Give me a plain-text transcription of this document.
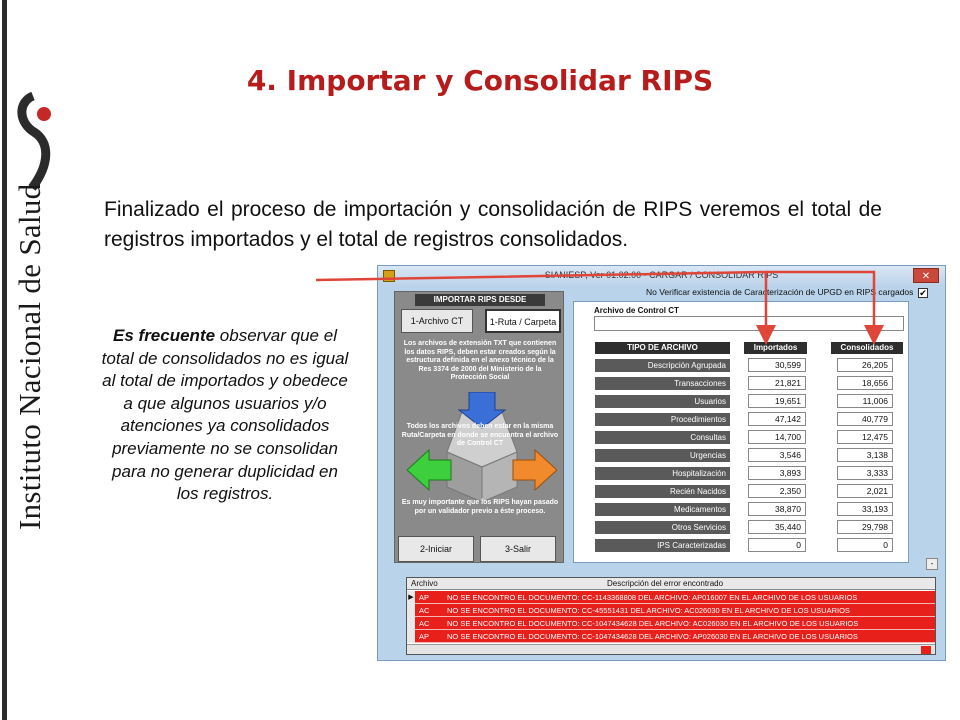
Instituto Nacional de Salud
4. Importar y Consolidar RIPS
Finalizado el proceso de importación y consolidación de RIPS veremos el total de registros importados y el total de registros consolidados.
Es frecuente observar que el total de consolidados no es igual al total de importados y obedece a que algunos usuarios y/o atenciones ya consolidados previamente no se consolidan para no generar duplicidad en los registros.
SIANIESP, Ver 01.02.00 - CARGAR / CONSOLIDAR RIPS	✕
No Verificar existencia de Caracterización de UPGD en RIPS cargados ✔
IMPORTAR RIPS DESDE
1-Archivo CT	1-Ruta / Carpeta
Los archivos de extensión TXT que contienen los datos RIPS, deben estar creados según la estructura definida en el anexo técnico de la Res 3374 de 2000 del Ministerio de la Protección Social
Todos los archivos deben estar en la misma Ruta/Carpeta en donde se encuentra el archivo de Control CT
Es muy importante que los RIPS hayan pasado por un validador previo a éste proceso.
2-Iniciar	3-Salir
Archivo de Control CT
TIPO DE ARCHIVO	Importados	Consolidados
Descripción Agrupada	30,599	26,205
Transacciones	21,821	18,656
Usuarios	19,651	11,006
Procedimientos	47,142	40,779
Consultas	14,700	12,475
Urgencias	3,546	3,138
Hospitalización	3,893	3,333
Recién Nacidos	2,350	2,021
Medicamentos	38,870	33,193
Otros Servicios	35,440	29,798
IPS Caracterizadas	0	0
-
Archivo	Descripción del error encontrado
▶ AP NO SE ENCONTRO EL DOCUMENTO: CC-1143368808 DEL ARCHIVO: AP016007 EN EL ARCHIVO DE LOS USUARIOS
AC NO SE ENCONTRO EL DOCUMENTO: CC-45551431 DEL ARCHIVO: AC026030 EN EL ARCHIVO DE LOS USUARIOS
AC NO SE ENCONTRO EL DOCUMENTO: CC-1047434628 DEL ARCHIVO: AC026030 EN EL ARCHIVO DE LOS USUARIOS
AP NO SE ENCONTRO EL DOCUMENTO: CC-1047434628 DEL ARCHIVO: AP026030 EN EL ARCHIVO DE LOS USUARIOS
